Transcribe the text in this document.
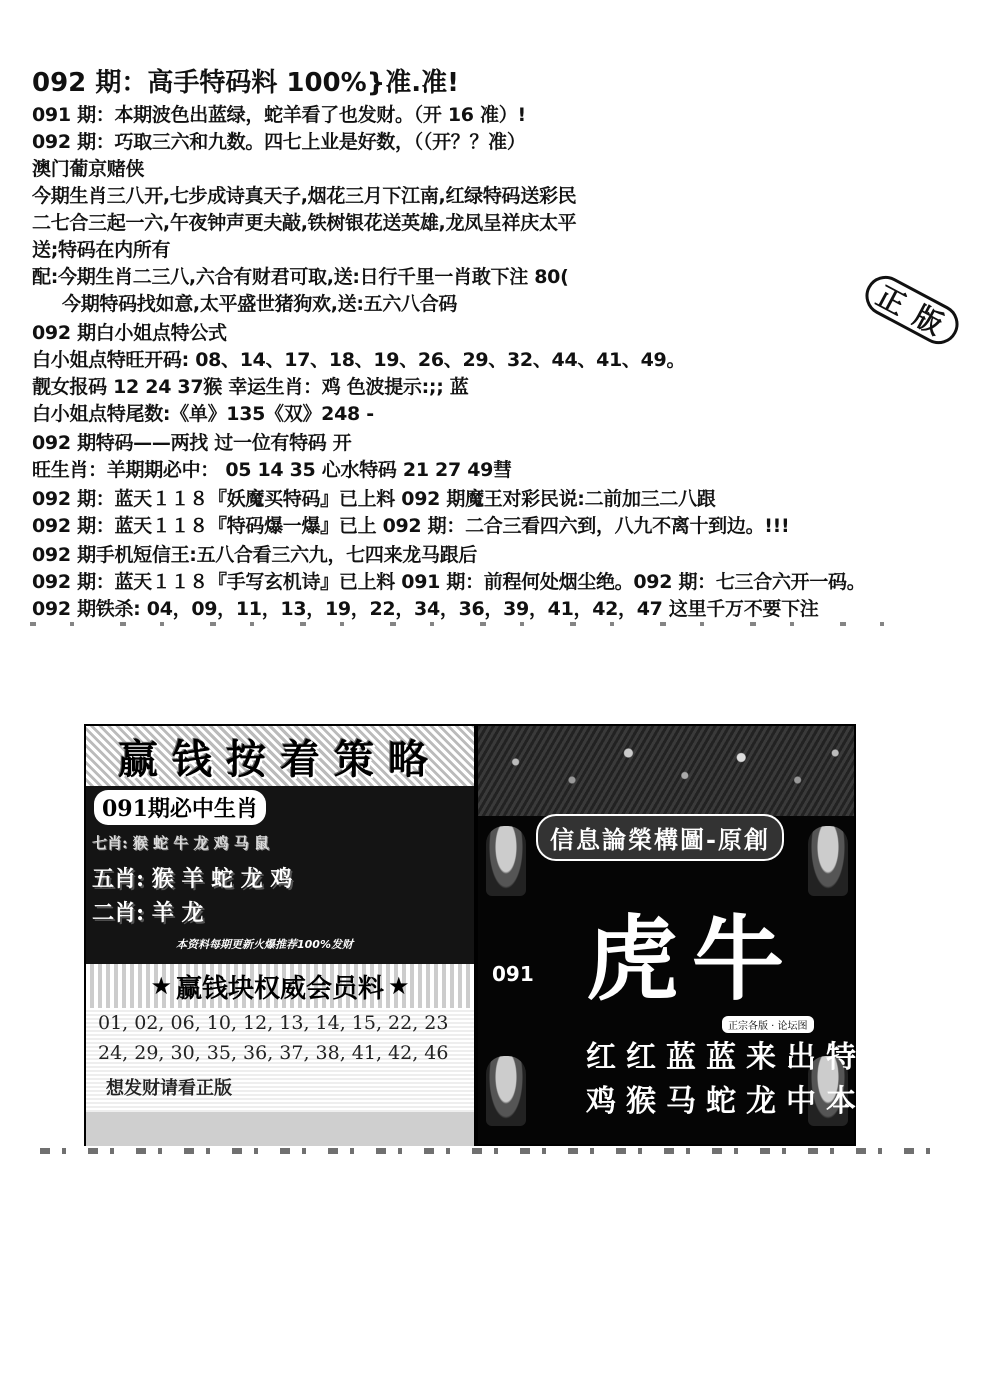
092 期：高手特码料 100%}准.准!
091 期：本期波色出蓝绿，蛇羊看了也发财。（开 16 准）!
092 期：巧取三六和九数。四七上业是好数，（（开？？准）
澳门葡京赌侠
今期生肖三八开,七步成诗真天子,烟花三月下江南,红绿特码送彩民
二七合三起一六,午夜钟声更夫敲,铁树银花送英雄,龙凤呈祥庆太平
送;特码在内所有
配:今期生肖二三八,六合有财君可取,送:日行千里一肖敢下注 80(
今期特码找如意,太平盛世猪狗欢,送:五六八合码
092 期白小姐点特公式
白小姐点特旺开码: 08、14、17、18、19、26、29、32、44、41、49。
靓女报码 12 24 37猴 幸运生肖：鸡 色波提示:;; 蓝
白小姐点特尾数:《单》135《双》248 -
092 期特码——两找 过一位有特码 开
旺生肖：羊期期必中： 05 14 35 心水特码 21 27 49彗
092 期：蓝天１１８『妖魔买特码』已上料 092 期魔王对彩民说:二前加三二八跟
092 期：蓝天１１８『特码爆一爆』已上 092 期：二合三看四六到，八九不离十到边。!!!
092 期手机短信王:五八合看三六九，七四来龙马跟后
092 期：蓝天１１８『手写玄机诗』已上料 091 期：前程何处烟尘绝。092 期：七三合六开一码。
092 期铁杀: 04，09，11，13，19，22，34，36，39，41，42，47 这里千万不要下注
正版
赢钱按着策略
091期必中生肖
七肖: 猴 蛇 牛 龙 鸡 马 鼠
五肖: 猴 羊 蛇 龙 鸡
二肖: 羊 龙
本资料每期更新火爆推荐100%发财
★ 赢钱块权威会员料 ★
01, 02, 06, 10, 12, 13, 14, 15, 22, 23
24, 29, 30, 35, 36, 37, 38, 41, 42, 46
想发财请看正版
信息論榮構圖-原創
091 虎牛
正宗各版 · 论坛图
红红蓝蓝来出特
鸡猴马蛇龙中本期
